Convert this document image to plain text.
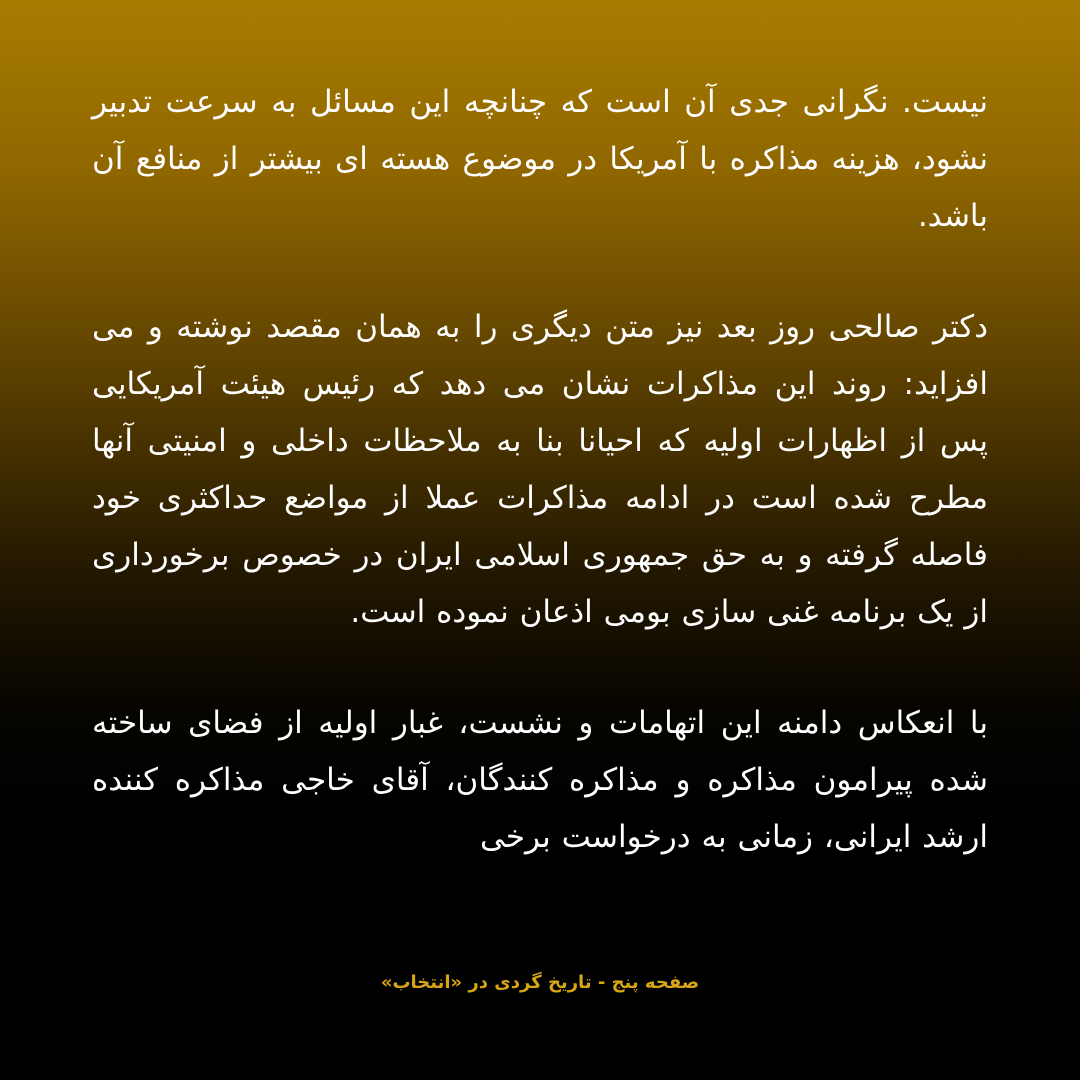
نیست. نگرانی جدی آن است که چنانچه این مسائل به سرعت تدبیر نشود، هزینه مذاکره با آمریکا در موضوع هسته ای بیشتر از منافع آن باشد.

دکتر صالحی روز بعد نیز متن دیگری را به همان مقصد نوشته و می افزاید: روند این مذاکرات نشان می دهد که رئیس هیئت آمریکایی پس از اظهارات اولیه که احیانا بنا به ملاحظات داخلی و امنیتی آنها مطرح شده است در ادامه مذاکرات عملا از مواضع حداکثری خود فاصله گرفته و به حق جمهوری اسلامی ایران در خصوص برخورداری از یک برنامه غنی سازی بومی اذعان نموده است.

با انعکاس دامنه این اتهامات و نشست، غبار اولیه از فضای ساخته شده پیرامون مذاکره و مذاکره کنندگان، آقای خاجی مذاکره کننده ارشد ایرانی، زمانی به درخواست برخی

صفحه پنج - تاریخ گردی در «انتخاب»
